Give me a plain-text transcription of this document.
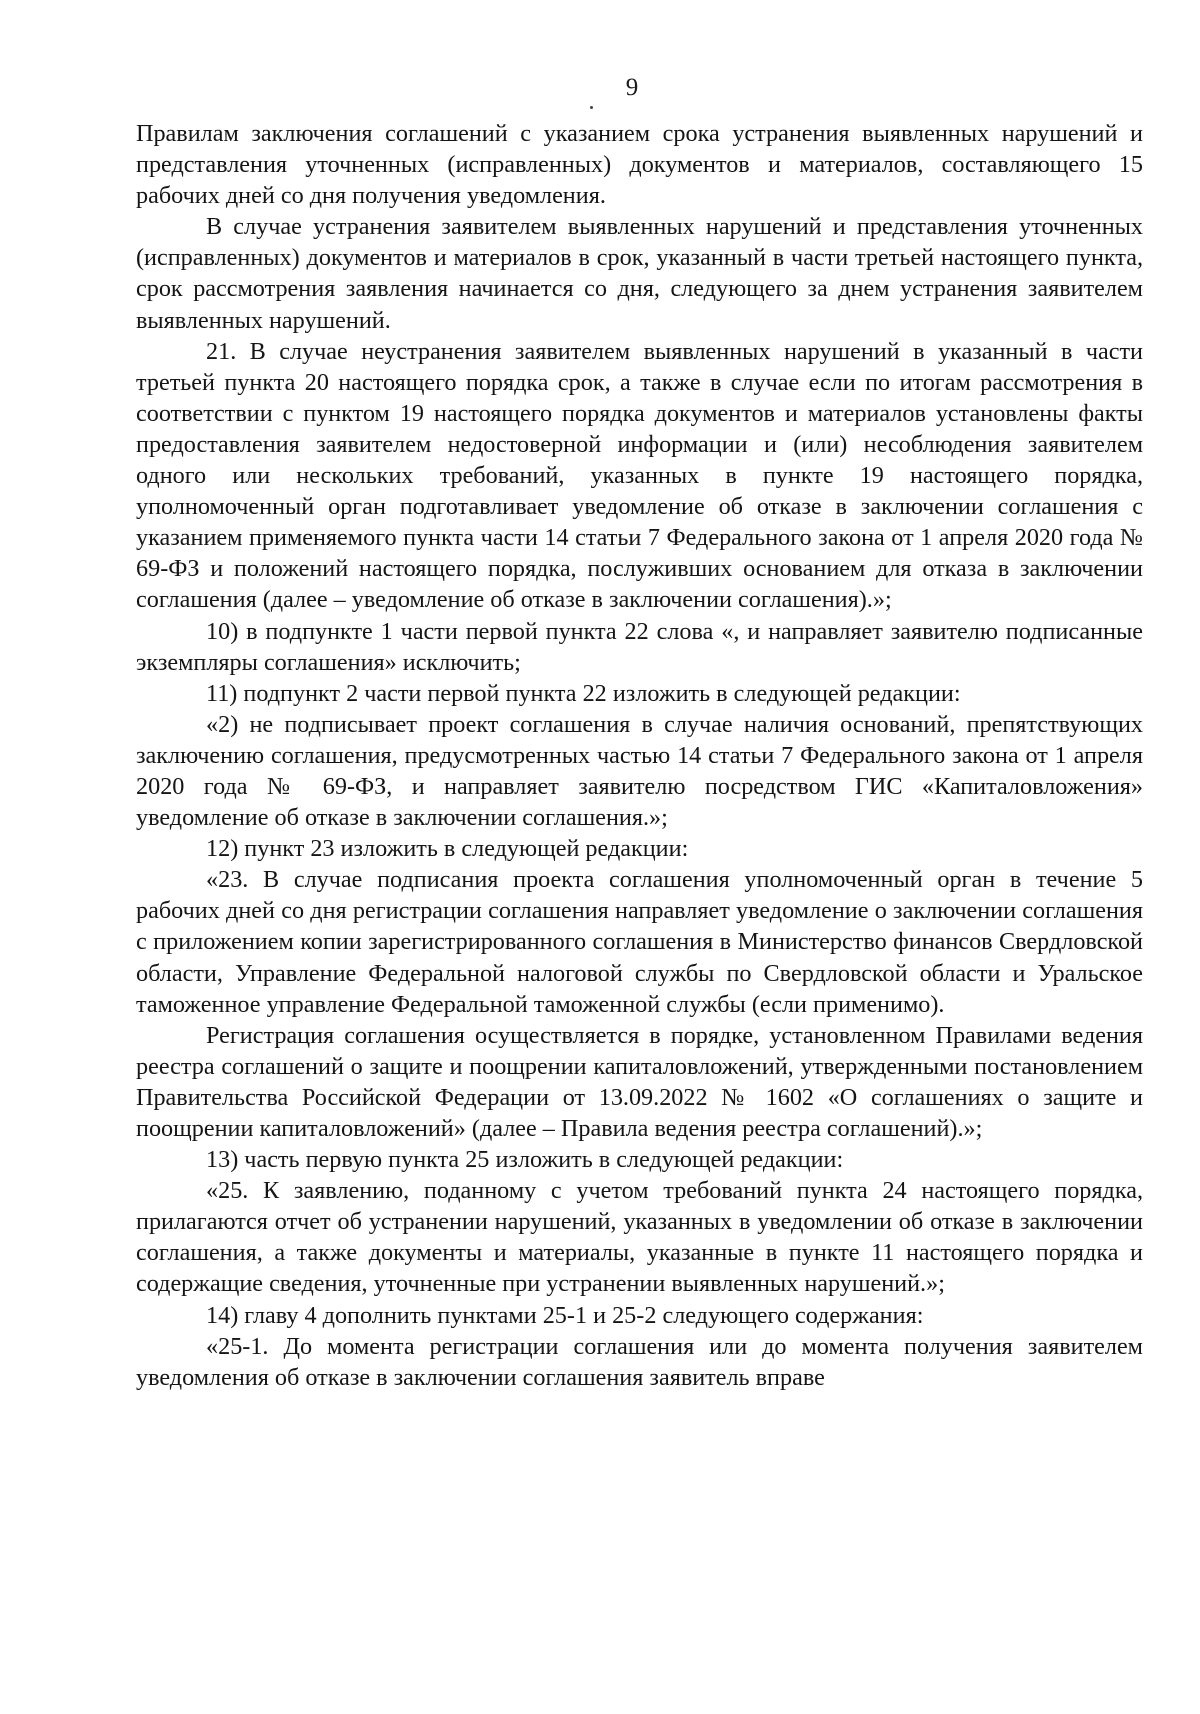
9

Правилам заключения соглашений с указанием срока устранения выявленных нарушений и представления уточненных (исправленных) документов и материалов, составляющего 15 рабочих дней со дня получения уведомления.

В случае устранения заявителем выявленных нарушений и представления уточненных (исправленных) документов и материалов в срок, указанный в части третьей настоящего пункта, срок рассмотрения заявления начинается со дня, следующего за днем устранения заявителем выявленных нарушений.

21. В случае неустранения заявителем выявленных нарушений в указанный в части третьей пункта 20 настоящего порядка срок, а также в случае если по итогам рассмотрения в соответствии с пунктом 19 настоящего порядка документов и материалов установлены факты предоставления заявителем недостоверной информации и (или) несоблюдения заявителем одного или нескольких требований, указанных в пункте 19 настоящего порядка, уполномоченный орган подготавливает уведомление об отказе в заключении соглашения с указанием применяемого пункта части 14 статьи 7 Федерального закона от 1 апреля 2020 года № 69-ФЗ и положений настоящего порядка, послуживших основанием для отказа в заключении соглашения (далее – уведомление об отказе в заключении соглашения).»;

10) в подпункте 1 части первой пункта 22 слова «, и направляет заявителю подписанные экземпляры соглашения» исключить;

11) подпункт 2 части первой пункта 22 изложить в следующей редакции:

«2) не подписывает проект соглашения в случае наличия оснований, препятствующих заключению соглашения, предусмотренных частью 14 статьи 7 Федерального закона от 1 апреля 2020 года № 69-ФЗ, и направляет заявителю посредством ГИС «Капиталовложения» уведомление об отказе в заключении соглашения.»;

12) пункт 23 изложить в следующей редакции:

«23. В случае подписания проекта соглашения уполномоченный орган в течение 5 рабочих дней со дня регистрации соглашения направляет уведомление о заключении соглашения с приложением копии зарегистрированного соглашения в Министерство финансов Свердловской области, Управление Федеральной налоговой службы по Свердловской области и Уральское таможенное управление Федеральной таможенной службы (если применимо).

Регистрация соглашения осуществляется в порядке, установленном Правилами ведения реестра соглашений о защите и поощрении капиталовложений, утвержденными постановлением Правительства Российской Федерации от 13.09.2022 № 1602 «О соглашениях о защите и поощрении капиталовложений» (далее – Правила ведения реестра соглашений).»;

13) часть первую пункта 25 изложить в следующей редакции:

«25. К заявлению, поданному с учетом требований пункта 24 настоящего порядка, прилагаются отчет об устранении нарушений, указанных в уведомлении об отказе в заключении соглашения, а также документы и материалы, указанные в пункте 11 настоящего порядка и содержащие сведения, уточненные при устранении выявленных нарушений.»;

14) главу 4 дополнить пунктами 25-1 и 25-2 следующего содержания:

«25-1. До момента регистрации соглашения или до момента получения заявителем уведомления об отказе в заключении соглашения заявитель вправе
